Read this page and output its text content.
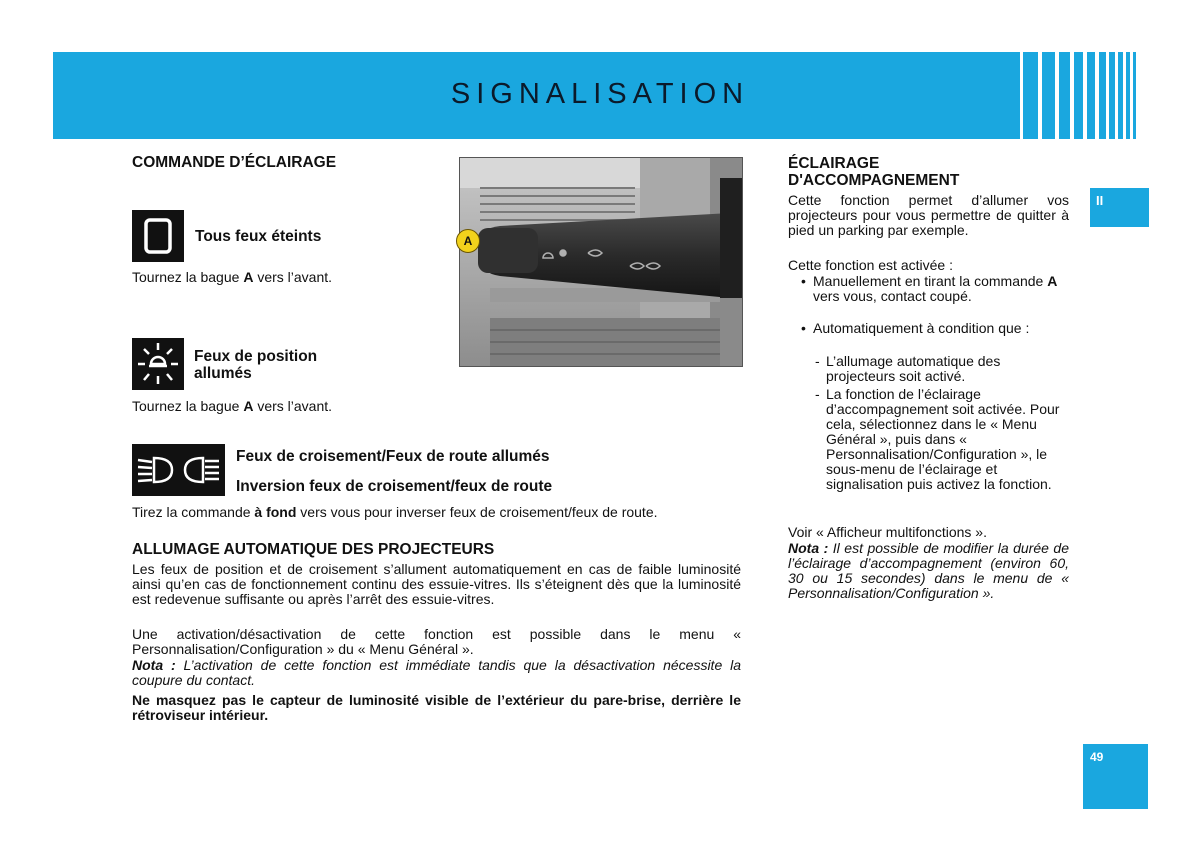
SIGNALISATION
II
49
COMMANDE D’ÉCLAIRAGE
Tous feux éteints
Tournez la bague A vers l’avant.
Feux de position
allumés
Tournez la bague A vers l’avant.
Feux de croisement/Feux de route allumés
Inversion feux de croisement/feux de route
Tirez la commande à fond vers vous pour inverser feux de croisement/feux de route.
ALLUMAGE AUTOMATIQUE DES PROJECTEURS
Les feux de position et de croisement s’allument automatiquement en cas de faible luminosité ainsi qu’en cas de fonctionnement continu des essuie-vitres. Ils s’éteignent dès que la luminosité est redevenue suffisante ou après l’arrêt des essuie-vitres.
Une activation/désactivation de cette fonction est possible dans le menu « Personnalisation/Configuration » du « Menu Général ».
Nota : L’activation de cette fonction est immédiate tandis que la désactivation nécessite la coupure du contact.
Ne masquez pas le capteur de luminosité visible de l’extérieur du pare-brise, derrière le rétroviseur intérieur.
A
ÉCLAIRAGE
D'ACCOMPAGNEMENT
Cette fonction permet d’allumer vos projecteurs pour vous permettre de quitter à pied un parking par exemple.
Cette fonction est activée :
• Manuellement en tirant la commande A vers vous, contact coupé.
• Automatiquement à condition que :
- L’allumage automatique des projecteurs soit activé.
- La fonction de l’éclairage d’accompagnement soit activée. Pour cela, sélectionnez dans le « Menu Général », puis dans « Personnalisation/Configuration », le sous-menu de l’éclairage et signalisation puis activez la fonction.
Voir « Afficheur multifonctions ».
Nota : Il est possible de modifier la durée de l’éclairage d’accompagnement (environ 60, 30 ou 15 secondes) dans le menu de « Personnalisation/Configuration ».
